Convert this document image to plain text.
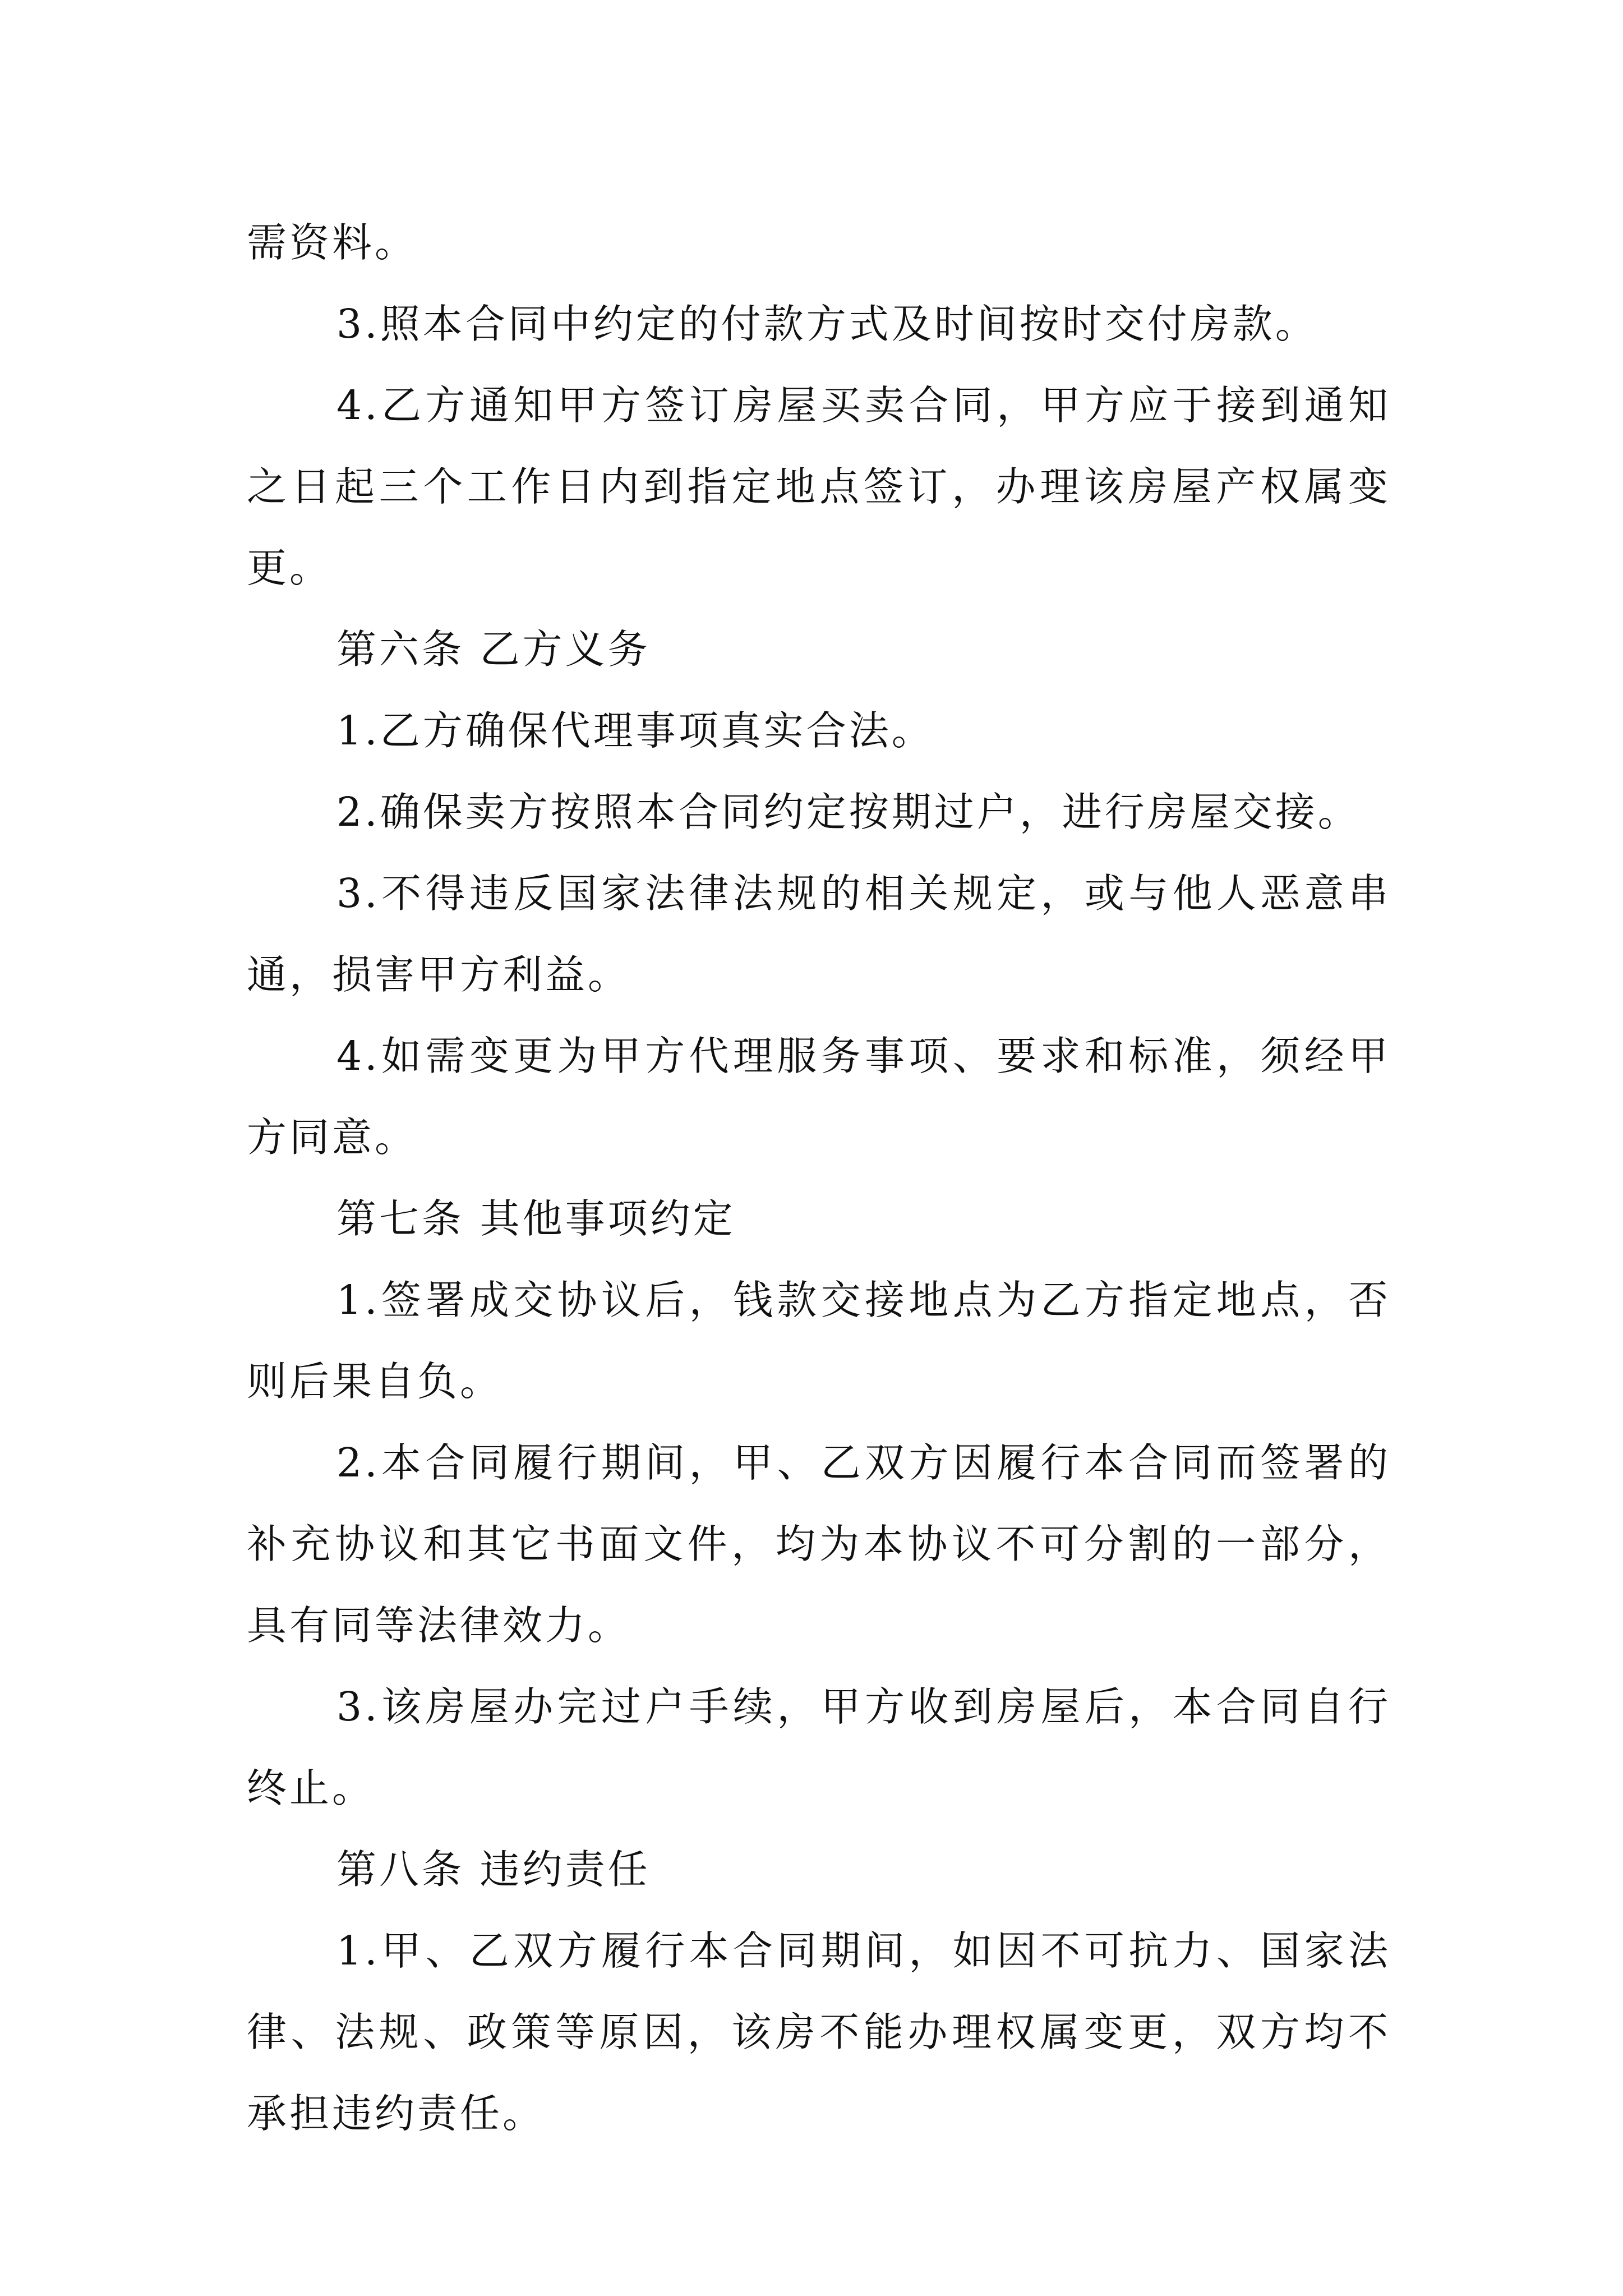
需资料。

3.照本合同中约定的付款方式及时间按时交付房款。

4.乙方通知甲方签订房屋买卖合同，甲方应于接到通知之日起三个工作日内到指定地点签订，办理该房屋产权属变更。

第六条 乙方义务

1.乙方确保代理事项真实合法。

2.确保卖方按照本合同约定按期过户，进行房屋交接。

3.不得违反国家法律法规的相关规定，或与他人恶意串通，损害甲方利益。

4.如需变更为甲方代理服务事项、要求和标准，须经甲方同意。

第七条 其他事项约定

1.签署成交协议后，钱款交接地点为乙方指定地点，否则后果自负。

2.本合同履行期间，甲、乙双方因履行本合同而签署的补充协议和其它书面文件，均为本协议不可分割的一部分，具有同等法律效力。

3.该房屋办完过户手续，甲方收到房屋后，本合同自行终止。

第八条 违约责任

1.甲、乙双方履行本合同期间，如因不可抗力、国家法律、法规、政策等原因，该房不能办理权属变更，双方均不承担违约责任。
